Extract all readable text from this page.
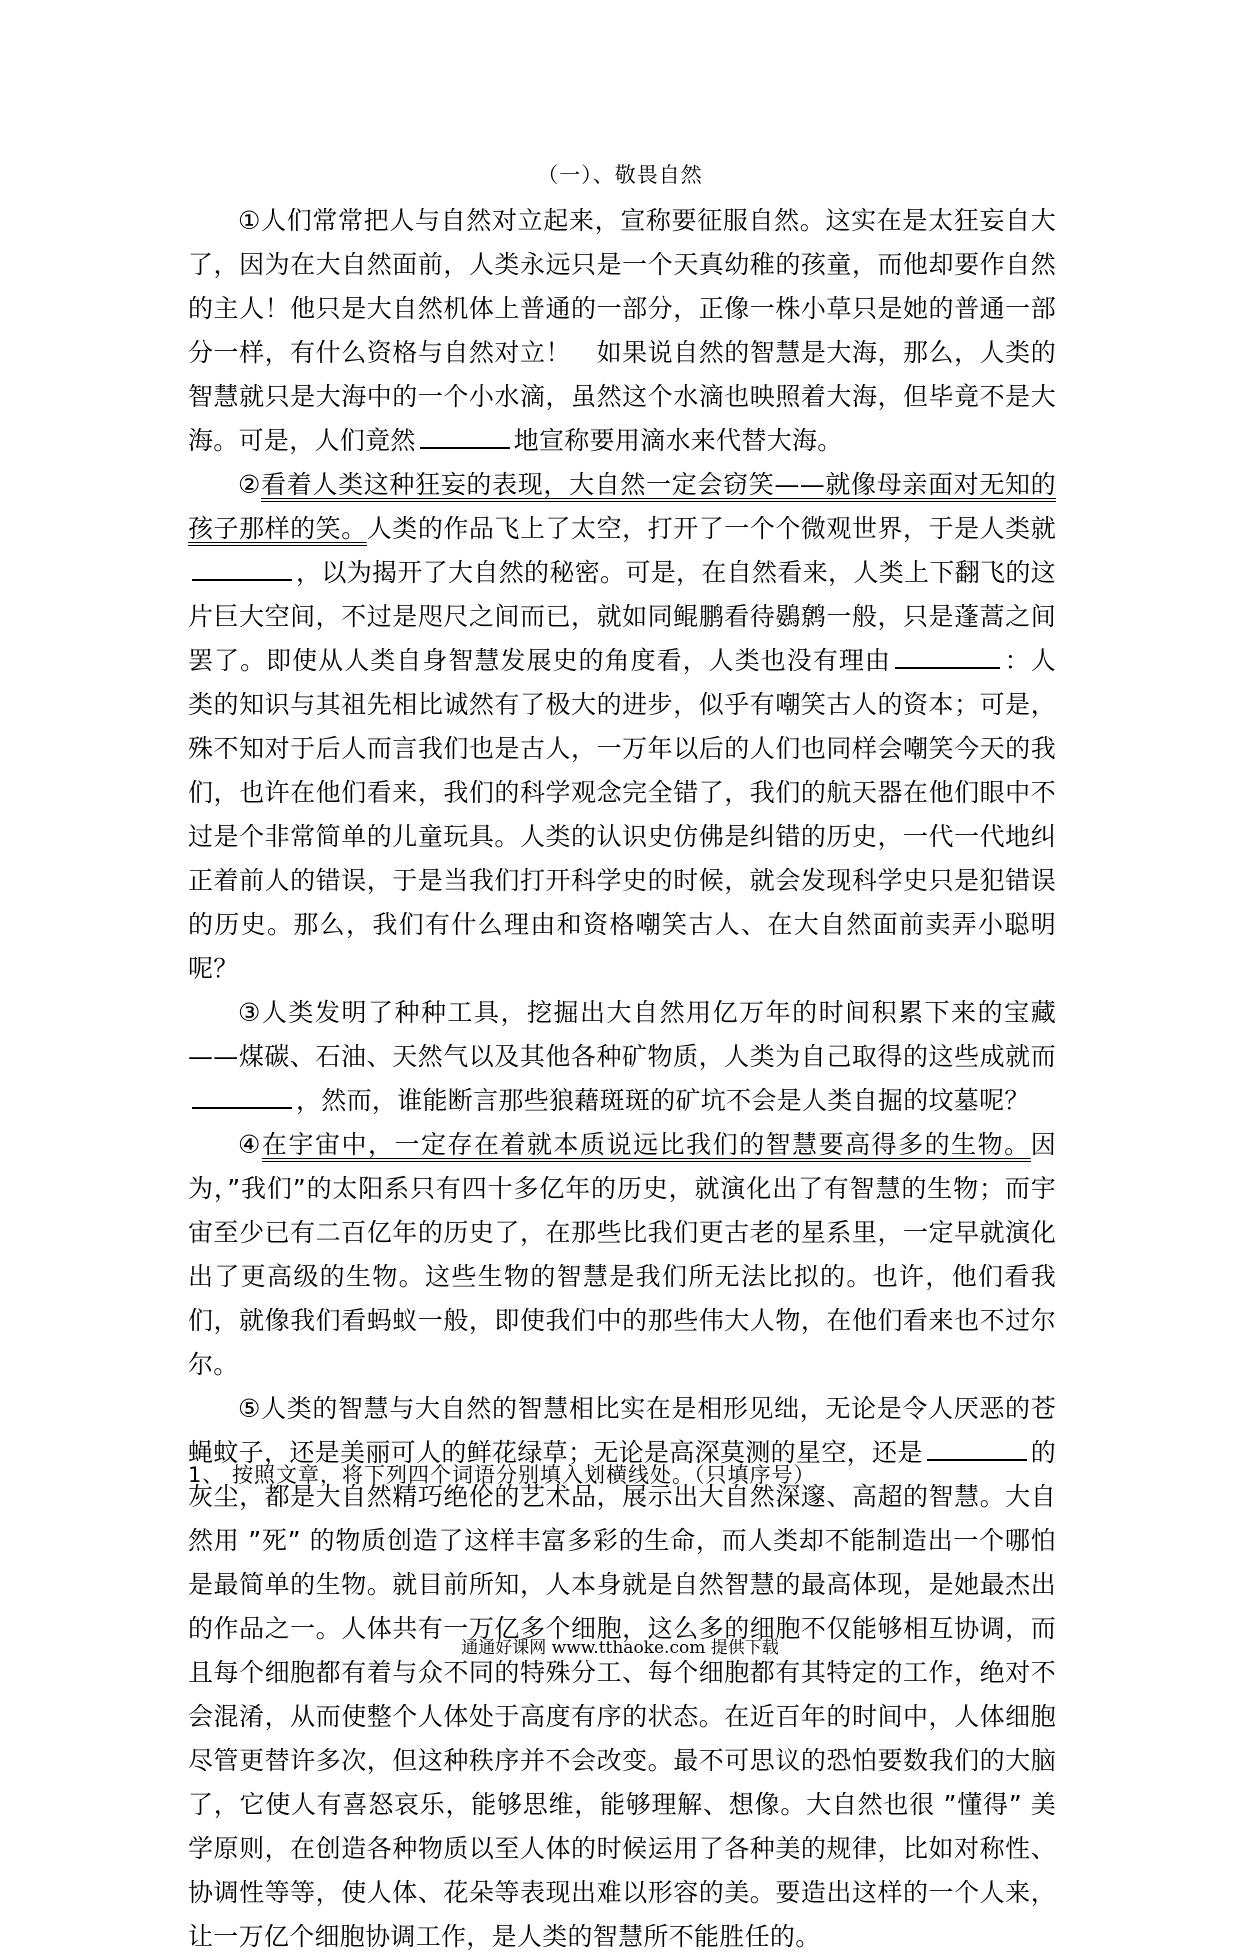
（一）、敬畏自然

①人们常常把人与自然对立起来，宣称要征服自然。这实在是太狂妄自大了，因为在大自然面前，人类永远只是一个天真幼稚的孩童，而他却要作自然的主人！他只是大自然机体上普通的一部分，正像一株小草只是她的普通一部分一样，有什么资格与自然对立！　如果说自然的智慧是大海，那么，人类的智慧就只是大海中的一个小水滴，虽然这个水滴也映照着大海，但毕竟不是大海。可是，人们竟然	地宣称要用滴水来代替大海。

②看着人类这种狂妄的表现，大自然一定会窃笑——就像母亲面对无知的孩子那样的笑。人类的作品飞上了太空，打开了一个个微观世界，于是人类就，以为揭开了大自然的秘密。可是，在自然看来，人类上下翻飞的这片巨大空间，不过是咫尺之间而已，就如同鲲鹏看待鷃鹩一般，只是蓬蒿之间罢了。即使从人类自身智慧发展史的角度看，人类也没有理由	：人类的知识与其祖先相比诚然有了极大的进步，似乎有嘲笑古人的资本；可是，殊不知对于后人而言我们也是古人，一万年以后的人们也同样会嘲笑今天的我们，也许在他们看来，我们的科学观念完全错了，我们的航天器在他们眼中不过是个非常简单的儿童玩具。人类的认识史仿佛是纠错的历史，一代一代地纠正着前人的错误，于是当我们打开科学史的时候，就会发现科学史只是犯错误的历史。那么，我们有什么理由和资格嘲笑古人、在大自然面前卖弄小聪明呢？

③人类发明了种种工具，挖掘出大自然用亿万年的时间积累下来的宝藏——煤碳、石油、天然气以及其他各种矿物质，人类为自己取得的这些成就而，然而，谁能断言那些狼藉斑斑的矿坑不会是人类自掘的坟墓呢？

④在宇宙中，一定存在着就本质说远比我们的智慧要高得多的生物。因为，”我们”的太阳系只有四十多亿年的历史，就演化出了有智慧的生物；而宇宙至少已有二百亿年的历史了，在那些比我们更古老的星系里，一定早就演化出了更高级的生物。这些生物的智慧是我们所无法比拟的。也许，他们看我们，就像我们看蚂蚁一般，即使我们中的那些伟大人物，在他们看来也不过尔尔。

⑤人类的智慧与大自然的智慧相比实在是相形见绌，无论是令人厌恶的苍蝇蚊子，还是美丽可人的鲜花绿草；无论是高深莫测的星空，还是	的灰尘，都是大自然精巧绝伦的艺术品，展示出大自然深邃、高超的智慧。大自然用 ”死” 的物质创造了这样丰富多彩的生命，而人类却不能制造出一个哪怕是最简单的生物。就目前所知，人本身就是自然智慧的最高体现，是她最杰出的作品之一。人体共有一万亿多个细胞，这么多的细胞不仅能够相互协调，而且每个细胞都有着与众不同的特殊分工、每个细胞都有其特定的工作，绝对不会混淆，从而使整个人体处于高度有序的状态。在近百年的时间中，人体细胞尽管更替许多次，但这种秩序并不会改变。最不可思议的恐怕要数我们的大脑了，它使人有喜怒哀乐，能够思维，能够理解、想像。大自然也很 ”懂得” 美学原则，在创造各种物质以至人体的时候运用了各种美的规律，比如对称性、协调性等等，使人体、花朵等表现出难以形容的美。要造出这样的一个人来，让一万亿个细胞协调工作，是人类的智慧所不能胜任的。

1、 按照文章，将下列四个词语分别填入划横线处。（只填序号）
通通好课网 www.tthaoke.com 提供下载
